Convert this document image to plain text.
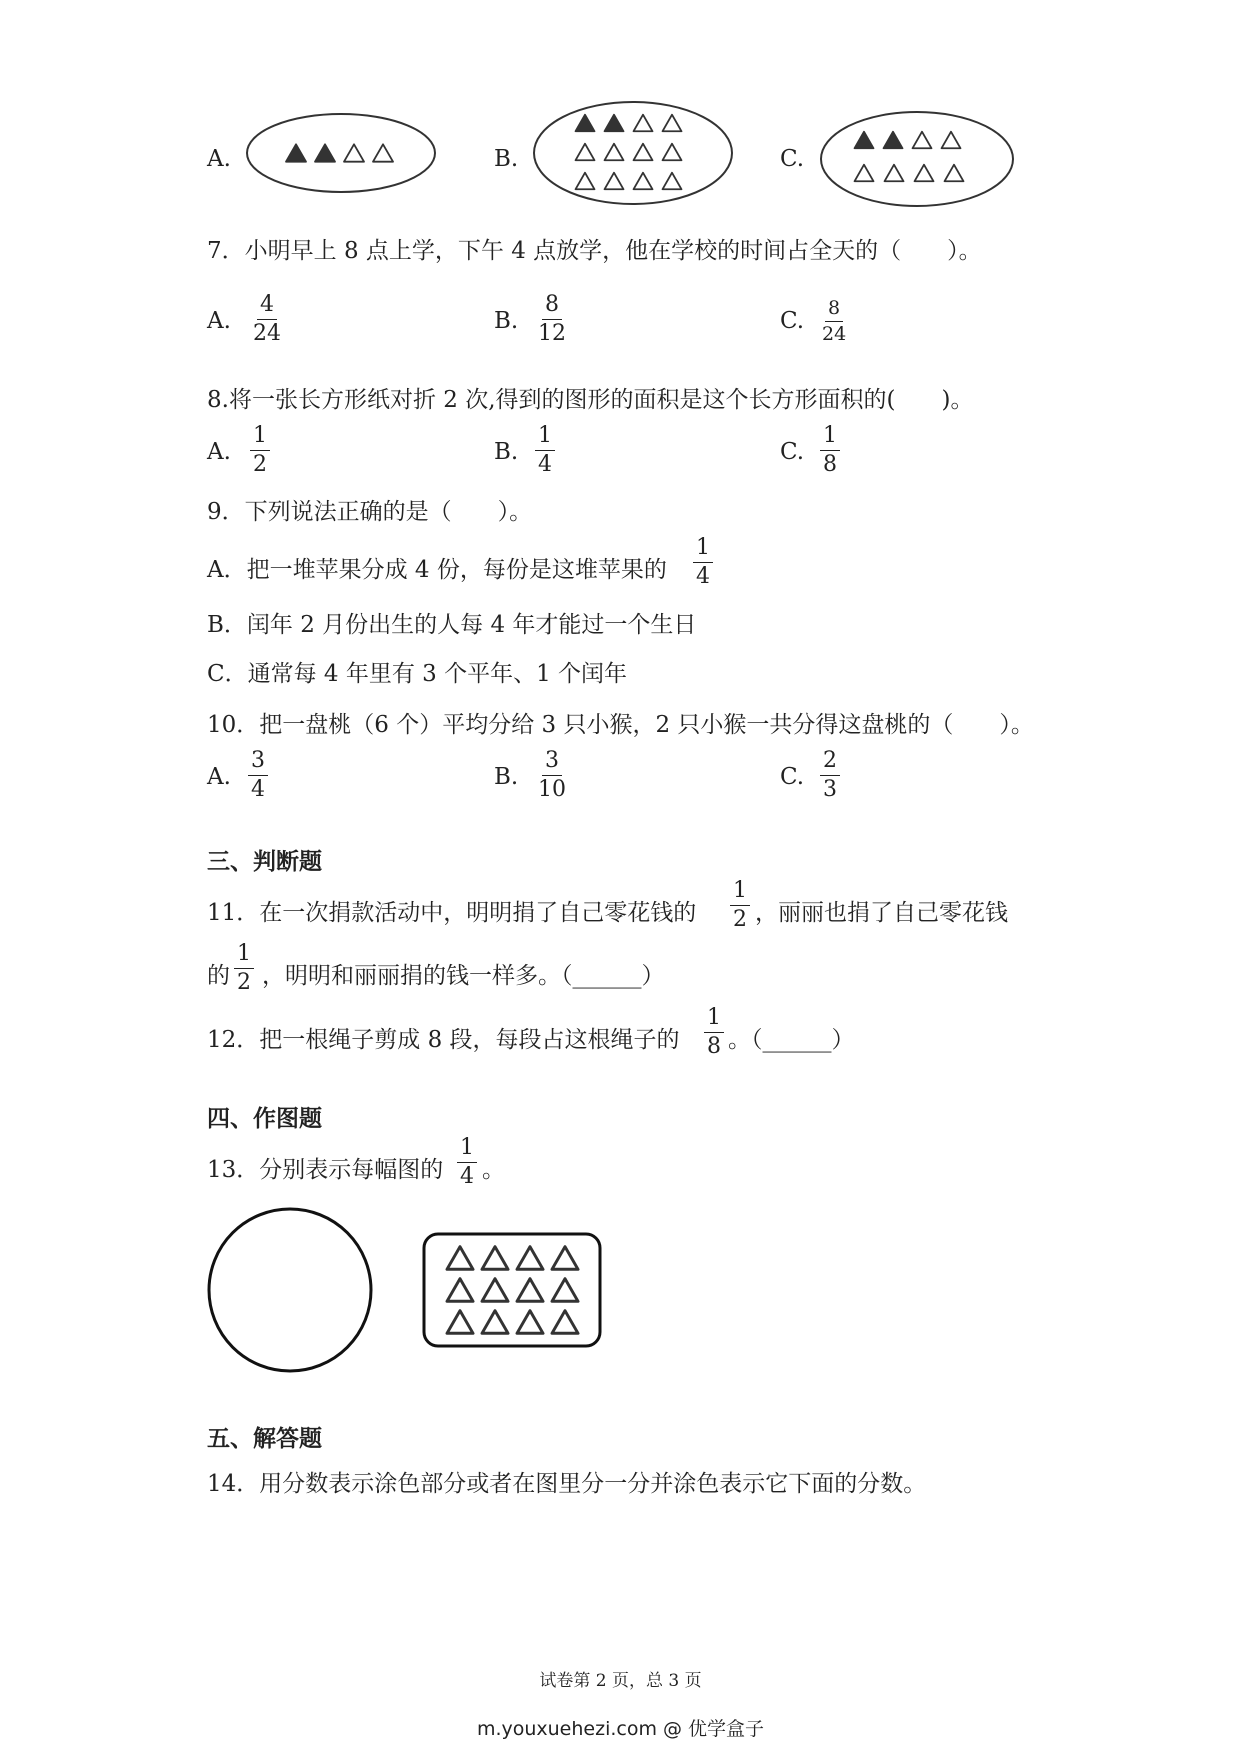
A.	B.	C.
7．小明早上 8 点上学，下午 4 点放学，他在学校的时间占全天的（　　）。
A. $\frac{4}{24}$	B. $\frac{8}{12}$	C. $\frac{8}{24}$
8.将一张长方形纸对折 2 次,得到的图形的面积是这个长方形面积的(　　)。
A. $\frac{1}{2}$	B. $\frac{1}{4}$	C. $\frac{1}{8}$
9．下列说法正确的是（　　）。
A．把一堆苹果分成 4 份，每份是这堆苹果的 $\frac{1}{4}$
B．闰年 2 月份出生的人每 4 年才能过一个生日
C．通常每 4 年里有 3 个平年、1 个闰年
10．把一盘桃（6 个）平均分给 3 只小猴，2 只小猴一共分得这盘桃的（　　）。
A. $\frac{3}{4}$	B. $\frac{3}{10}$	C. $\frac{2}{3}$
三、判断题
11．在一次捐款活动中，明明捐了自己零花钱的 $\frac{1}{2}$ ，丽丽也捐了自己零花钱
的 $\frac{1}{2}$ ，明明和丽丽捐的钱一样多。（______）
12．把一根绳子剪成 8 段，每段占这根绳子的 $\frac{1}{8}$ 。（______）
四、作图题
13．分别表示每幅图的 $\frac{1}{4}$ 。
五、解答题
14．用分数表示涂色部分或者在图里分一分并涂色表示它下面的分数。
试卷第 2 页，总 3 页
m.youxuehezi.com @ 优学盒子
